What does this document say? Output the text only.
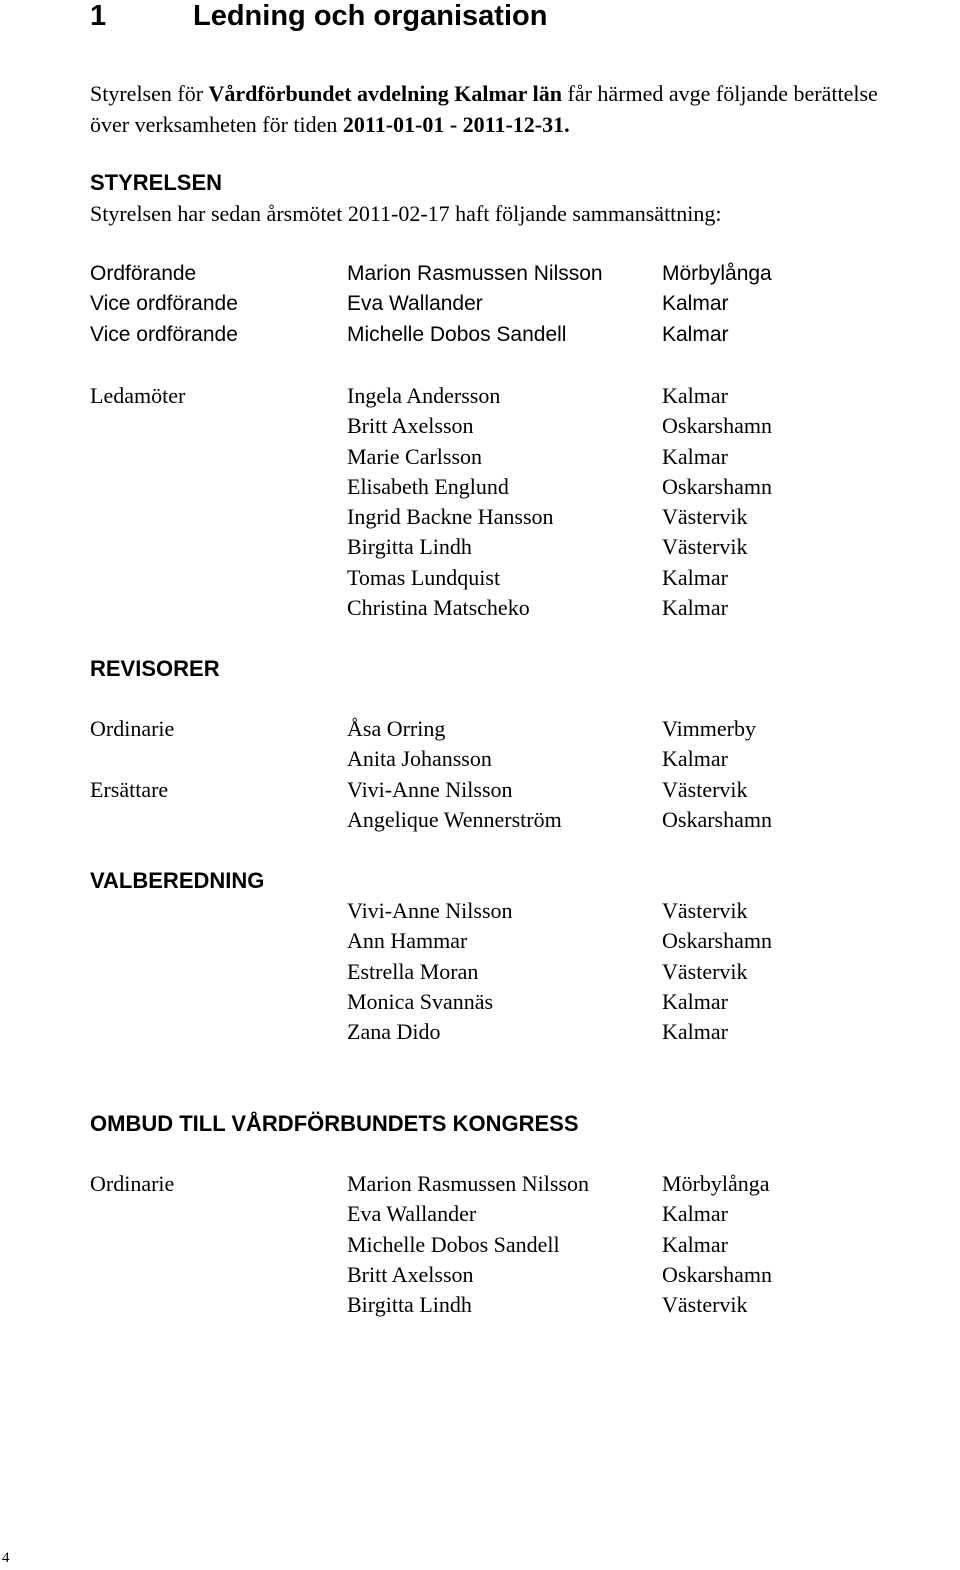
1	Ledning och organisation

Styrelsen för Vårdförbundet avdelning Kalmar län får härmed avge följande berättelse

över verksamheten för tiden 2011-01-01 - 2011-12-31.

STYRELSEN
Styrelsen har sedan årsmötet 2011-02-17 haft följande sammansättning:
Ordförande	Marion Rasmussen Nilsson	Mörbylånga
Vice ordförande	Eva Wallander	Kalmar
Vice ordförande	Michelle Dobos Sandell	Kalmar
Ledamöter	Ingela Andersson	Kalmar
Britt Axelsson	Oskarshamn
Marie Carlsson	Kalmar
Elisabeth Englund	Oskarshamn
Ingrid Backne Hansson	Västervik
Birgitta Lindh	Västervik
Tomas Lundquist	Kalmar
Christina Matscheko	Kalmar
REVISORER
Ordinarie	Åsa Orring	Vimmerby
Anita Johansson	Kalmar
Ersättare	Vivi-Anne Nilsson	Västervik
Angelique Wennerström	Oskarshamn
VALBEREDNING
Vivi-Anne Nilsson	Västervik
Ann Hammar	Oskarshamn
Estrella Moran	Västervik
Monica Svannäs	Kalmar
Zana Dido	Kalmar
OMBUD TILL VÅRDFÖRBUNDETS KONGRESS
Ordinarie	Marion Rasmussen Nilsson	Mörbylånga
Eva Wallander	Kalmar
Michelle Dobos Sandell	Kalmar
Britt Axelsson	Oskarshamn
Birgitta Lindh	Västervik
4
